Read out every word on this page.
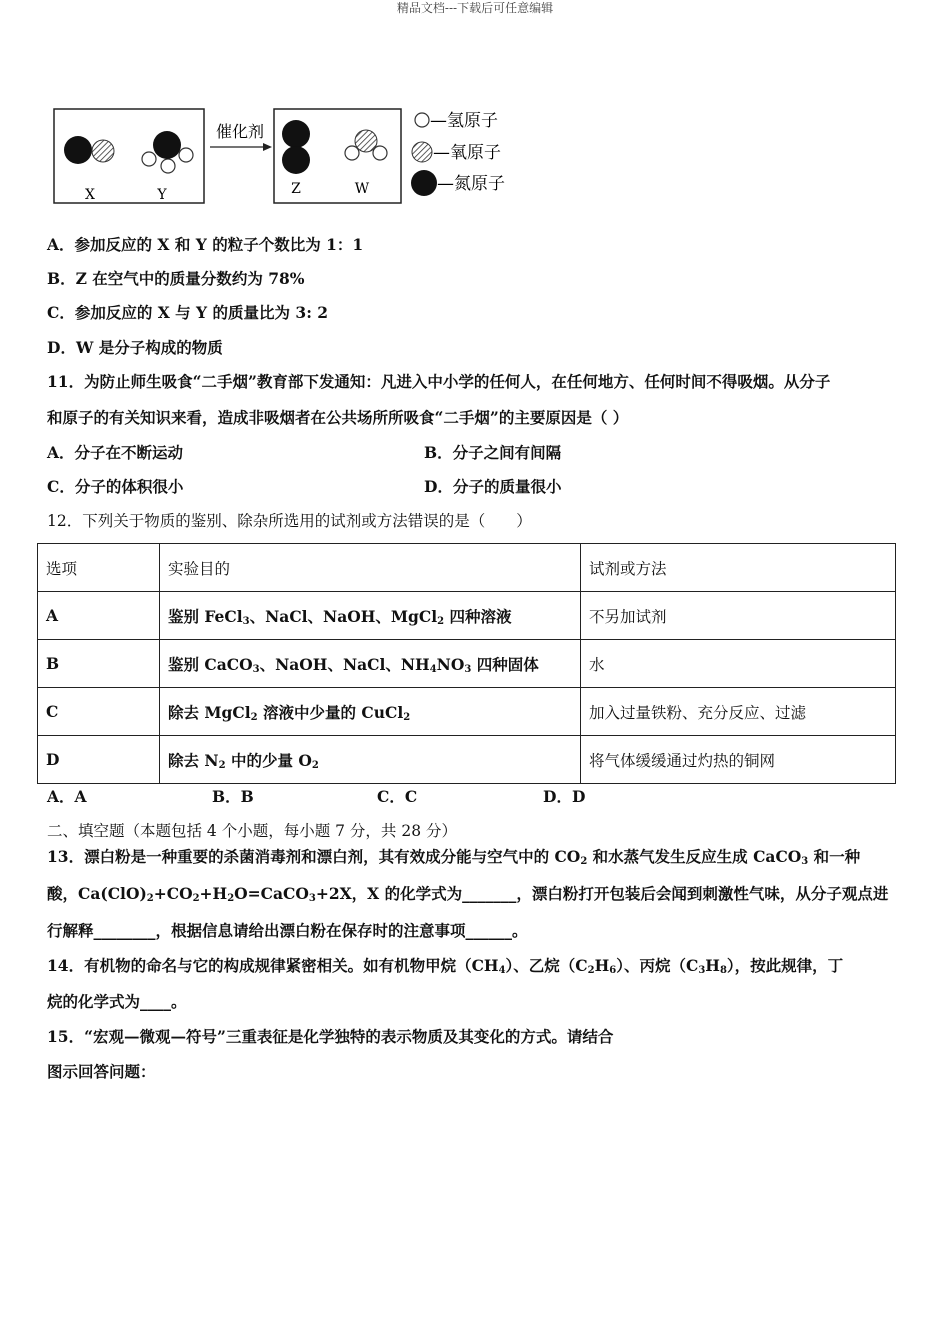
精品文档---下载后可任意编辑
X	Y
催化剂
Z	W
—氢原子
—氧原子
—氮原子
A．参加反应的 X 和 Y 的粒子个数比为 1：1
B．Z 在空气中的质量分数约为 78%
C．参加反应的 X 与 Y 的质量比为 3: 2
D．W 是分子构成的物质
11．为防止师生吸食“二手烟”教育部下发通知：凡进入中小学的任何人，在任何地方、任何时间不得吸烟。从分子
和原子的有关知识来看，造成非吸烟者在公共场所所吸食“二手烟”的主要原因是（ ）
A．分子在不断运动	B．分子之间有间隔
C．分子的体积很小	D．分子的质量很小
12．下列关于物质的鉴别、除杂所选用的试剂或方法错误的是（　　）
选项	实验目的	试剂或方法
A	鉴别 FeCl$_3$、NaCl、NaOH、MgCl$_2$ 四种溶液	不另加试剂
B	鉴别 CaCO$_3$、NaOH、NaCl、$NH_4NO_3$ 四种固体	水
C	除去 MgCl$_2$ 溶液中少量的 CuCl$_2$	加入过量铁粉、充分反应、过滤
D	除去 $N_2$ 中的少量 $O_2$	将气体缓缓通过灼热的铜网
A．A	B．B	C．C	D．D
二、填空题（本题包括 4 个小题，每小题 7 分，共 28 分）
13．漂白粉是一种重要的杀菌消毒剂和漂白剂，其有效成分能与空气中的 $CO_2$ 和水蒸气发生反应生成 CaCO$_3$ 和一种
酸，$Ca(ClO)_2+CO_2+H_2O=CaCO_3+2X$，X 的化学式为_______，漂白粉打开包装后会闻到刺激性气味，从分子观点进
行解释________，根据信息请给出漂白粉在保存时的注意事项______。
14．有机物的命名与它的构成规律紧密相关。如有机物甲烷$(CH_4)$、乙烷$(C_2H_6)$、丙烷$(C_3H_8)$，按此规律，丁
烷的化学式为____。
15．“宏观—微观—符号”三重表征是化学独特的表示物质及其变化的方式。请结合
图示回答问题：
